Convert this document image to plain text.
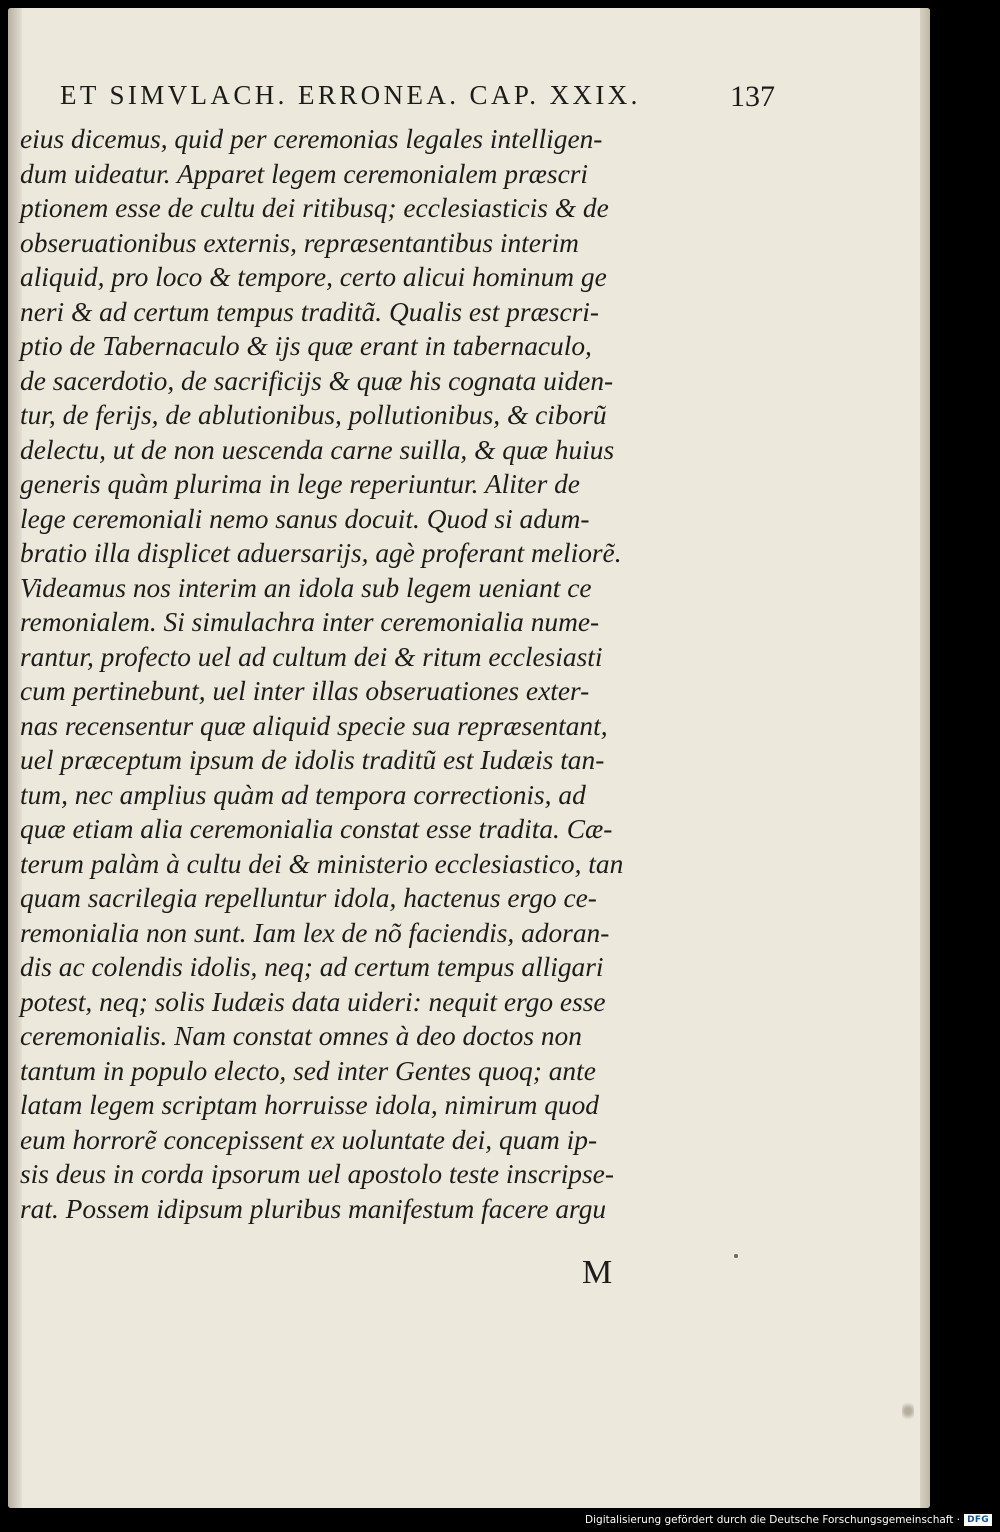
ET SIMVLACH. ERRONEA. CAP. XXIX.	137
eius dicemus, quid per ceremonias legales intelligen-
dum uideatur. Apparet legem ceremonialem præscri
ptionem esse de cultu dei ritibusq; ecclesiasticis & de
obseruationibus externis, repræsentantibus interim
aliquid, pro loco & tempore, certo alicui hominum ge
neri & ad certum tempus traditã. Qualis est præscri-
ptio de Tabernaculo & ijs quæ erant in tabernaculo,
de sacerdotio, de sacrificijs & quæ his cognata uiden-
tur, de ferijs, de ablutionibus, pollutionibus, & ciborũ
delectu, ut de non uescenda carne suilla, & quæ huius
generis quàm plurima in lege reperiuntur. Aliter de
lege ceremoniali nemo sanus docuit. Quod si adum-
bratio illa displicet aduersarijs, agè proferant meliorẽ.
Videamus nos interim an idola sub legem ueniant ce
remonialem. Si simulachra inter ceremonialia nume-
rantur, profecto uel ad cultum dei & ritum ecclesiasti
cum pertinebunt, uel inter illas obseruationes exter-
nas recensentur quæ aliquid specie sua repræsentant,
uel præceptum ipsum de idolis traditũ est Iudæis tan-
tum, nec amplius quàm ad tempora correctionis, ad
quæ etiam alia ceremonialia constat esse tradita. Cæ-
terum palàm à cultu dei & ministerio ecclesiastico, tan
quam sacrilegia repelluntur idola, hactenus ergo ce-
remonialia non sunt. Iam lex de nõ faciendis, adoran-
dis ac colendis idolis, neq; ad certum tempus alligari
potest, neq; solis Iudæis data uideri: nequit ergo esse
ceremonialis. Nam constat omnes à deo doctos non
tantum in populo electo, sed inter Gentes quoq; ante
latam legem scriptam horruisse idola, nimirum quod
eum horrorẽ concepissent ex uoluntate dei, quam ip-
sis deus in corda ipsorum uel apostolo teste inscripse-
rat. Possem idipsum pluribus manifestum facere argu
M
Digitalisierung gefördert durch die Deutsche Forschungsgemeinschaft · DFG
